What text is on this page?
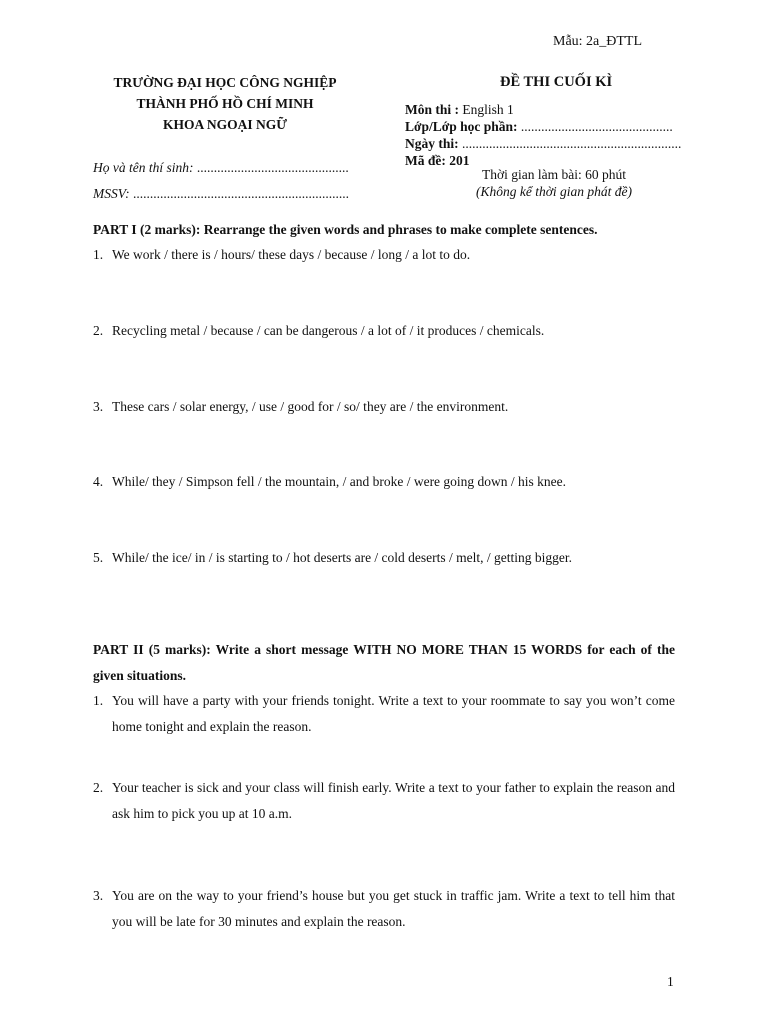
Mẫu: 2a_ĐTTL
TRƯỜNG ĐẠI HỌC CÔNG NGHIỆP
THÀNH PHỐ HỒ CHÍ MINH
KHOA NGOẠI NGỮ
ĐỀ THI CUỐI KÌ
Môn thi : English 1
Lớp/Lớp học phần: .............................................
Ngày thi: .................................................................
Mã đề: 201
Thời gian làm bài: 60 phút
(Không kể thời gian phát đề)
Họ và tên thí sinh: .............................................
MSSV: ................................................................
PART I (2 marks): Rearrange the given words and phrases to make complete sentences.
1. We work / there is / hours/ these days / because / long / a lot to do.
2. Recycling metal / because / can be dangerous / a lot of / it produces / chemicals.
3. These cars / solar energy, / use / good for / so/ they are / the environment.
4. While/ they / Simpson fell / the mountain, / and broke / were going down / his knee.
5. While/ the ice/ in / is starting to / hot deserts are / cold deserts / melt, / getting bigger.
PART II (5 marks): Write a short message WITH NO MORE THAN 15 WORDS for each of the given situations.
1. You will have a party with your friends tonight. Write a text to your roommate to say you won’t come home tonight and explain the reason.
2. Your teacher is sick and your class will finish early. Write a text to your father to explain the reason and ask him to pick you up at 10 a.m.
3. You are on the way to your friend’s house but you get stuck in traffic jam. Write a text to tell him that you will be late for 30 minutes and explain the reason.
1
